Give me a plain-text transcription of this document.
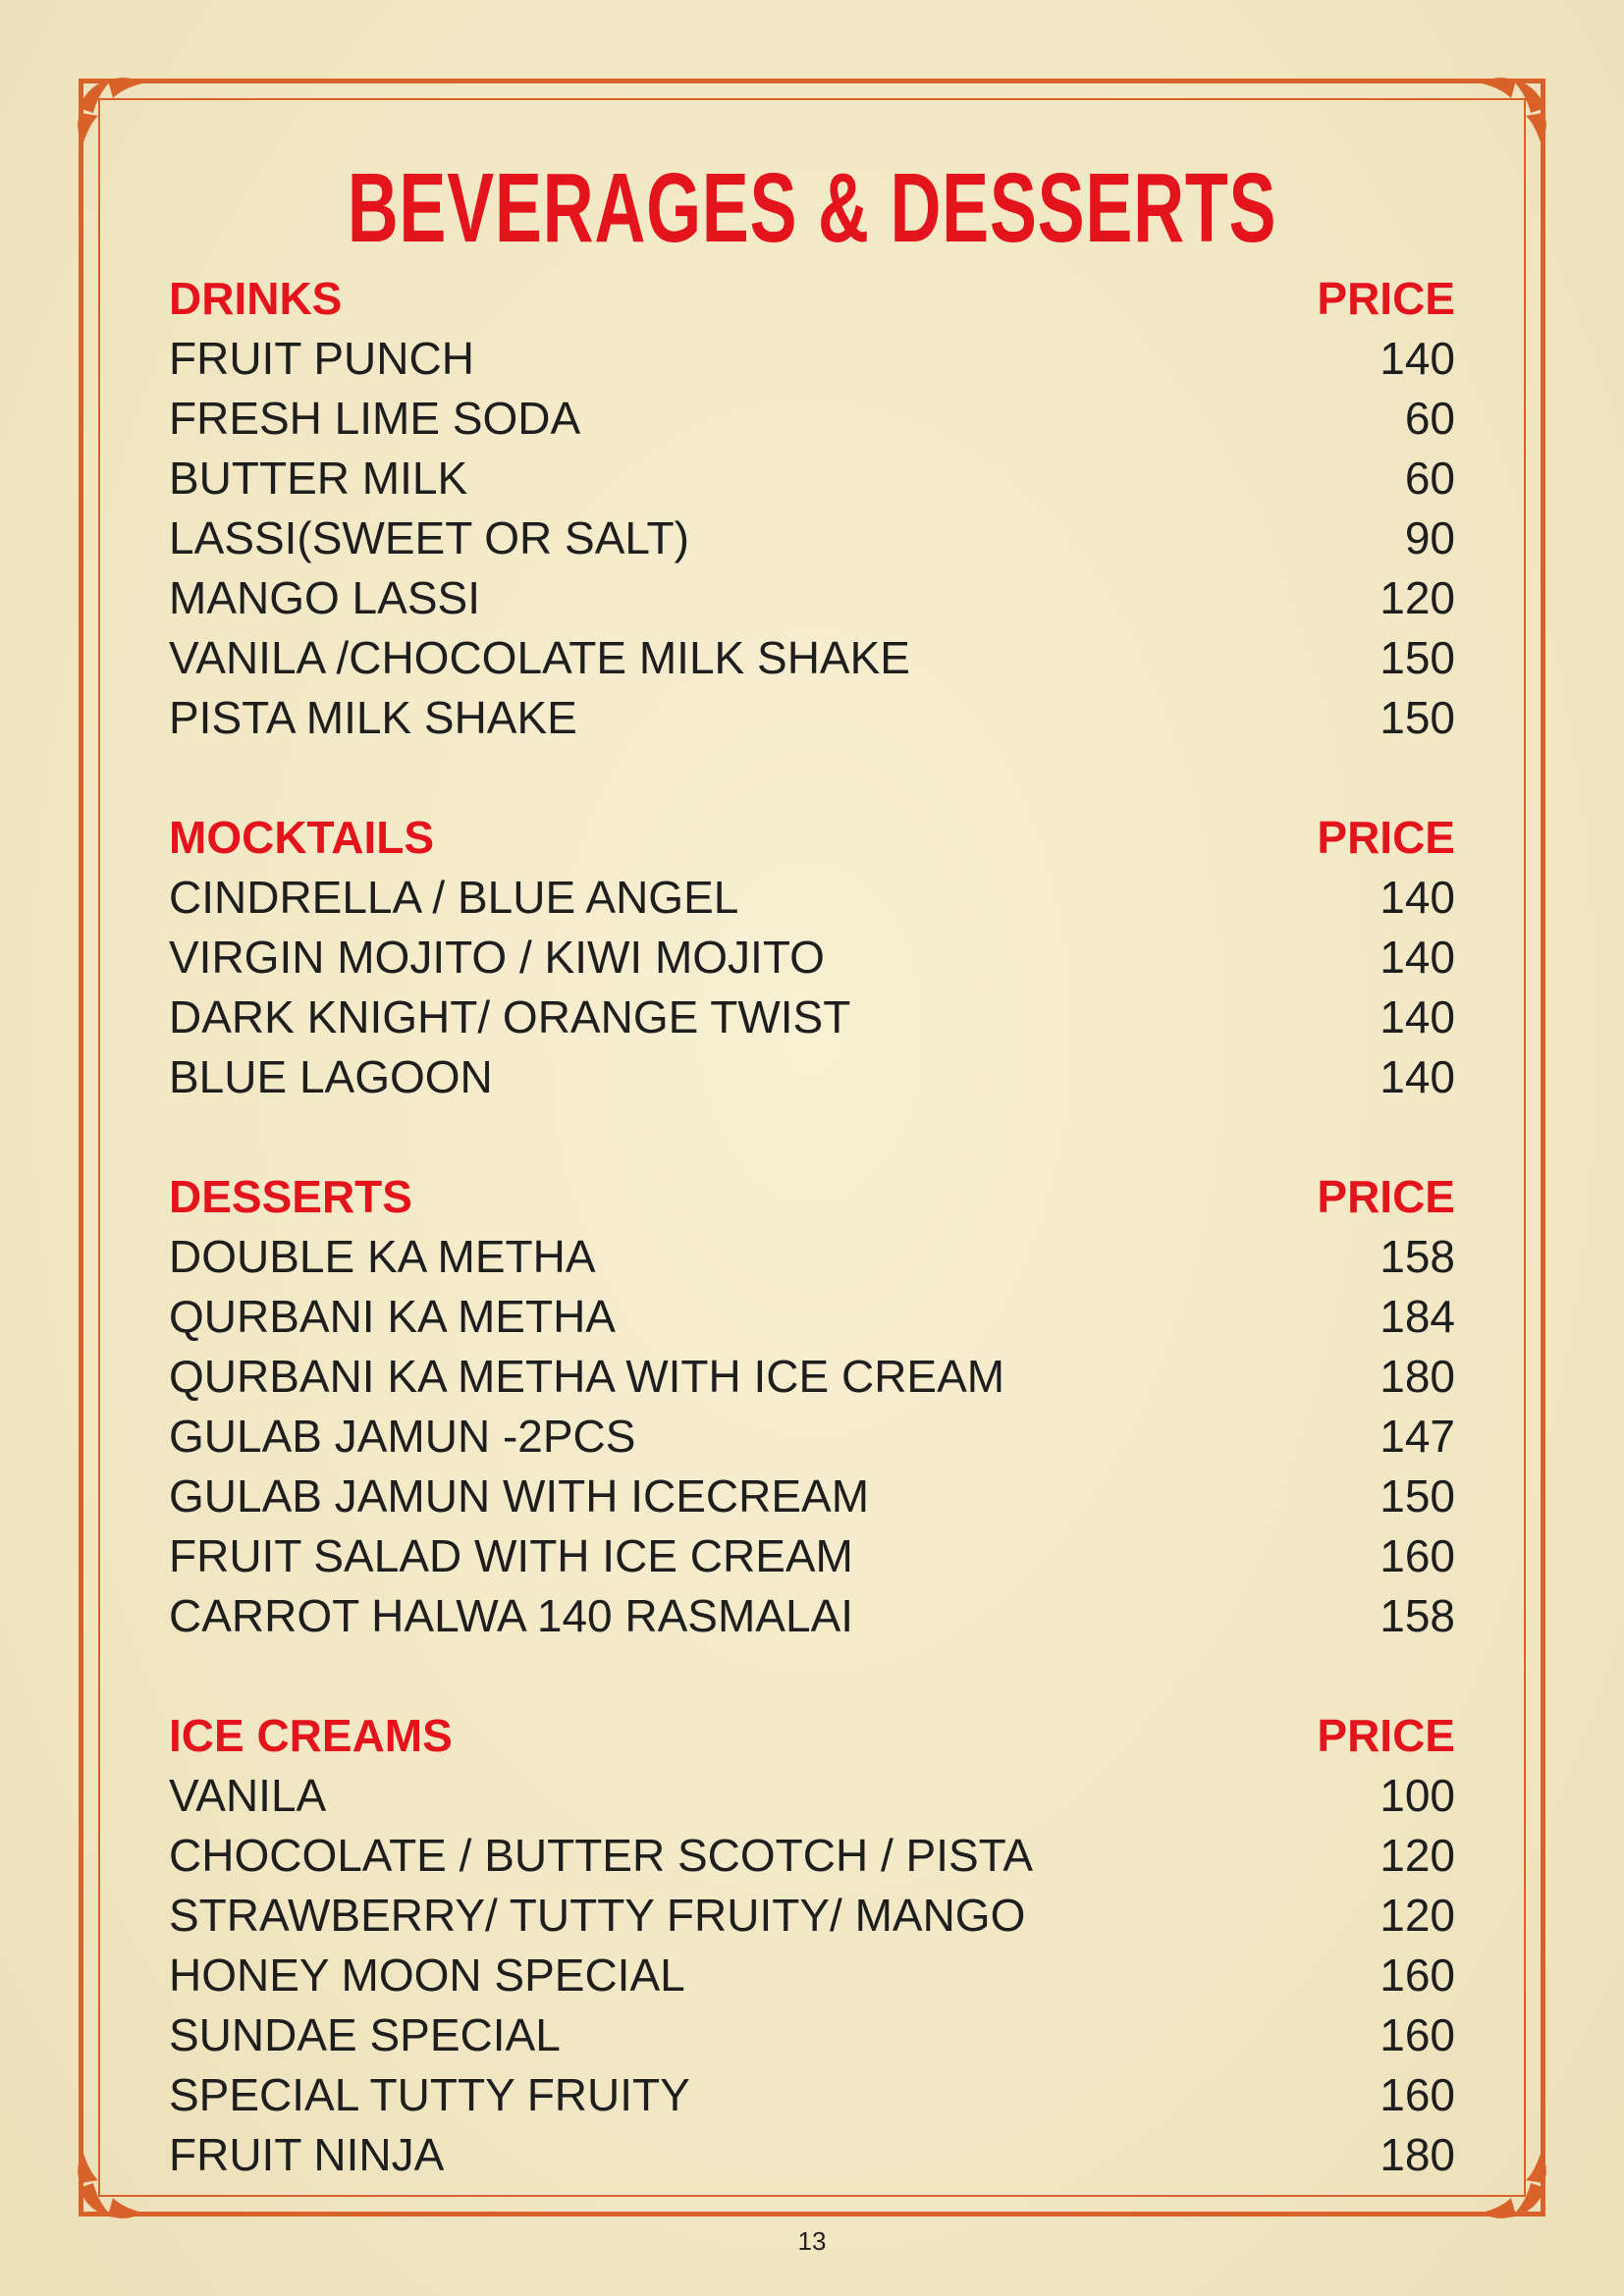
BEVERAGES & DESSERTS
DRINKS	PRICE
FRUIT PUNCH	140
FRESH LIME SODA	60
BUTTER MILK	60
LASSI(SWEET OR SALT)	90
MANGO LASSI	120
VANILA /CHOCOLATE MILK SHAKE	150
PISTA MILK SHAKE	150
MOCKTAILS	PRICE
CINDRELLA / BLUE ANGEL	140
VIRGIN MOJITO / KIWI MOJITO	140
DARK KNIGHT/ ORANGE TWIST	140
BLUE LAGOON	140
DESSERTS	PRICE
DOUBLE KA METHA	158
QURBANI KA METHA	184
QURBANI KA METHA WITH ICE CREAM	180
GULAB JAMUN -2PCS	147
GULAB JAMUN WITH ICECREAM	150
FRUIT SALAD WITH ICE CREAM	160
CARROT HALWA 140 RASMALAI	158
ICE CREAMS	PRICE
VANILA	100
CHOCOLATE / BUTTER SCOTCH / PISTA	120
STRAWBERRY/ TUTTY FRUITY/ MANGO	120
HONEY MOON SPECIAL	160
SUNDAE SPECIAL	160
SPECIAL TUTTY FRUITY	160
FRUIT NINJA	180
13
